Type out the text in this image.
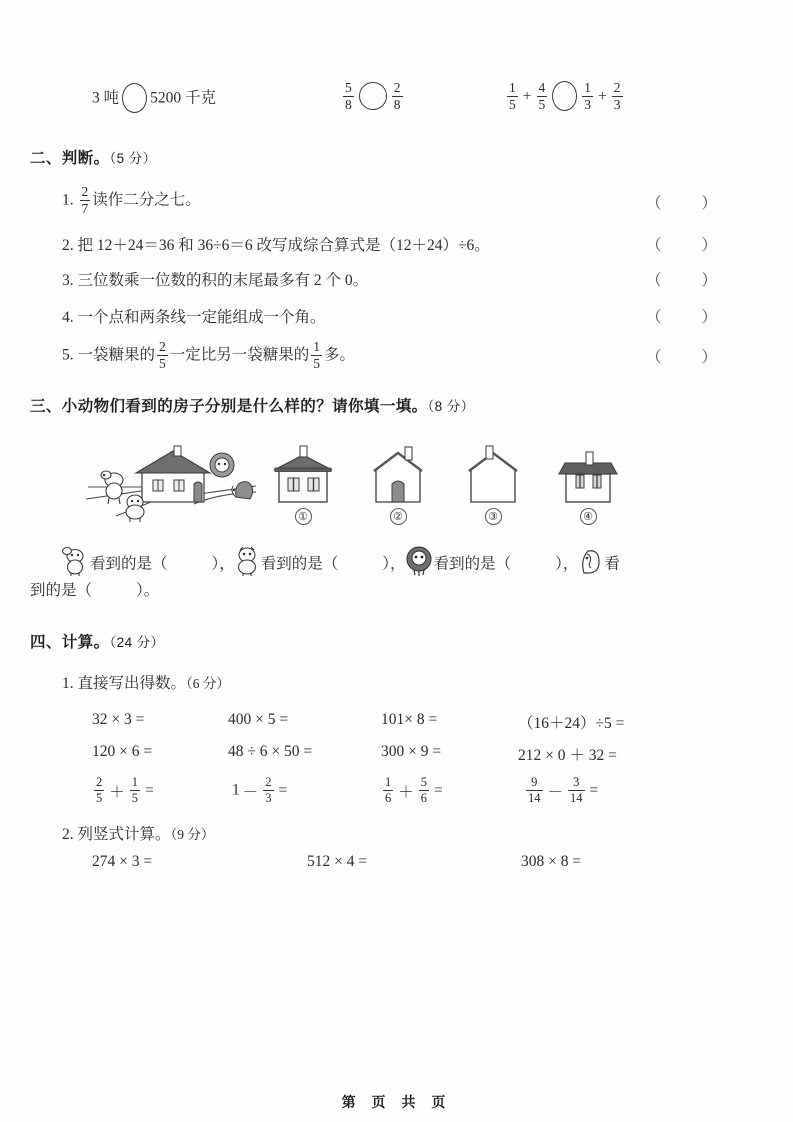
3 吨 5200 千克	$\frac{5}{8}$	$\frac{2}{8}$	$\frac{1}{5} + \frac{4}{5}$	$\frac{1}{3} + \frac{2}{3}$
二、判断。（5 分）
1. $\frac{2}{7}$ 读作二分之七。	（ ）
2. 把 12＋24＝36 和 36÷6＝6 改写成综合算式是（12＋24）÷6。	（ ）
3. 三位数乘一位数的积的末尾最多有 2 个 0。	（ ）
4. 一个点和两条线一定能组成一个角。	（ ）
5. 一袋糖果的 $\frac{2}{5}$ 一定比另一袋糖果的 $\frac{1}{5}$ 多。	（ ）
三、小动物们看到的房子分别是什么样的？请你填一填。（8 分）
①	②	③	④
看到的是（	）， 看到的是（	）， 看到的是（	）， 看
到的是（	）。
四、计算。（24 分）
1. 直接写出得数。（6 分）
32 × 3 =	400 × 5 =	101× 8 =	（16＋24）÷5 =
120 × 6 =	48 ÷ 6 × 50 =	300 × 9 =	212 × 0 ＋ 32 =
$\frac{2}{5} + \frac{1}{5}$ =	$1 - \frac{2}{3}$ =	$\frac{1}{6} + \frac{5}{6}$ =	$\frac{9}{14} - \frac{3}{14}$ =
2. 列竖式计算。（9 分）
274 × 3 =	512 × 4 =	308 × 8 =
第 页 共 页
